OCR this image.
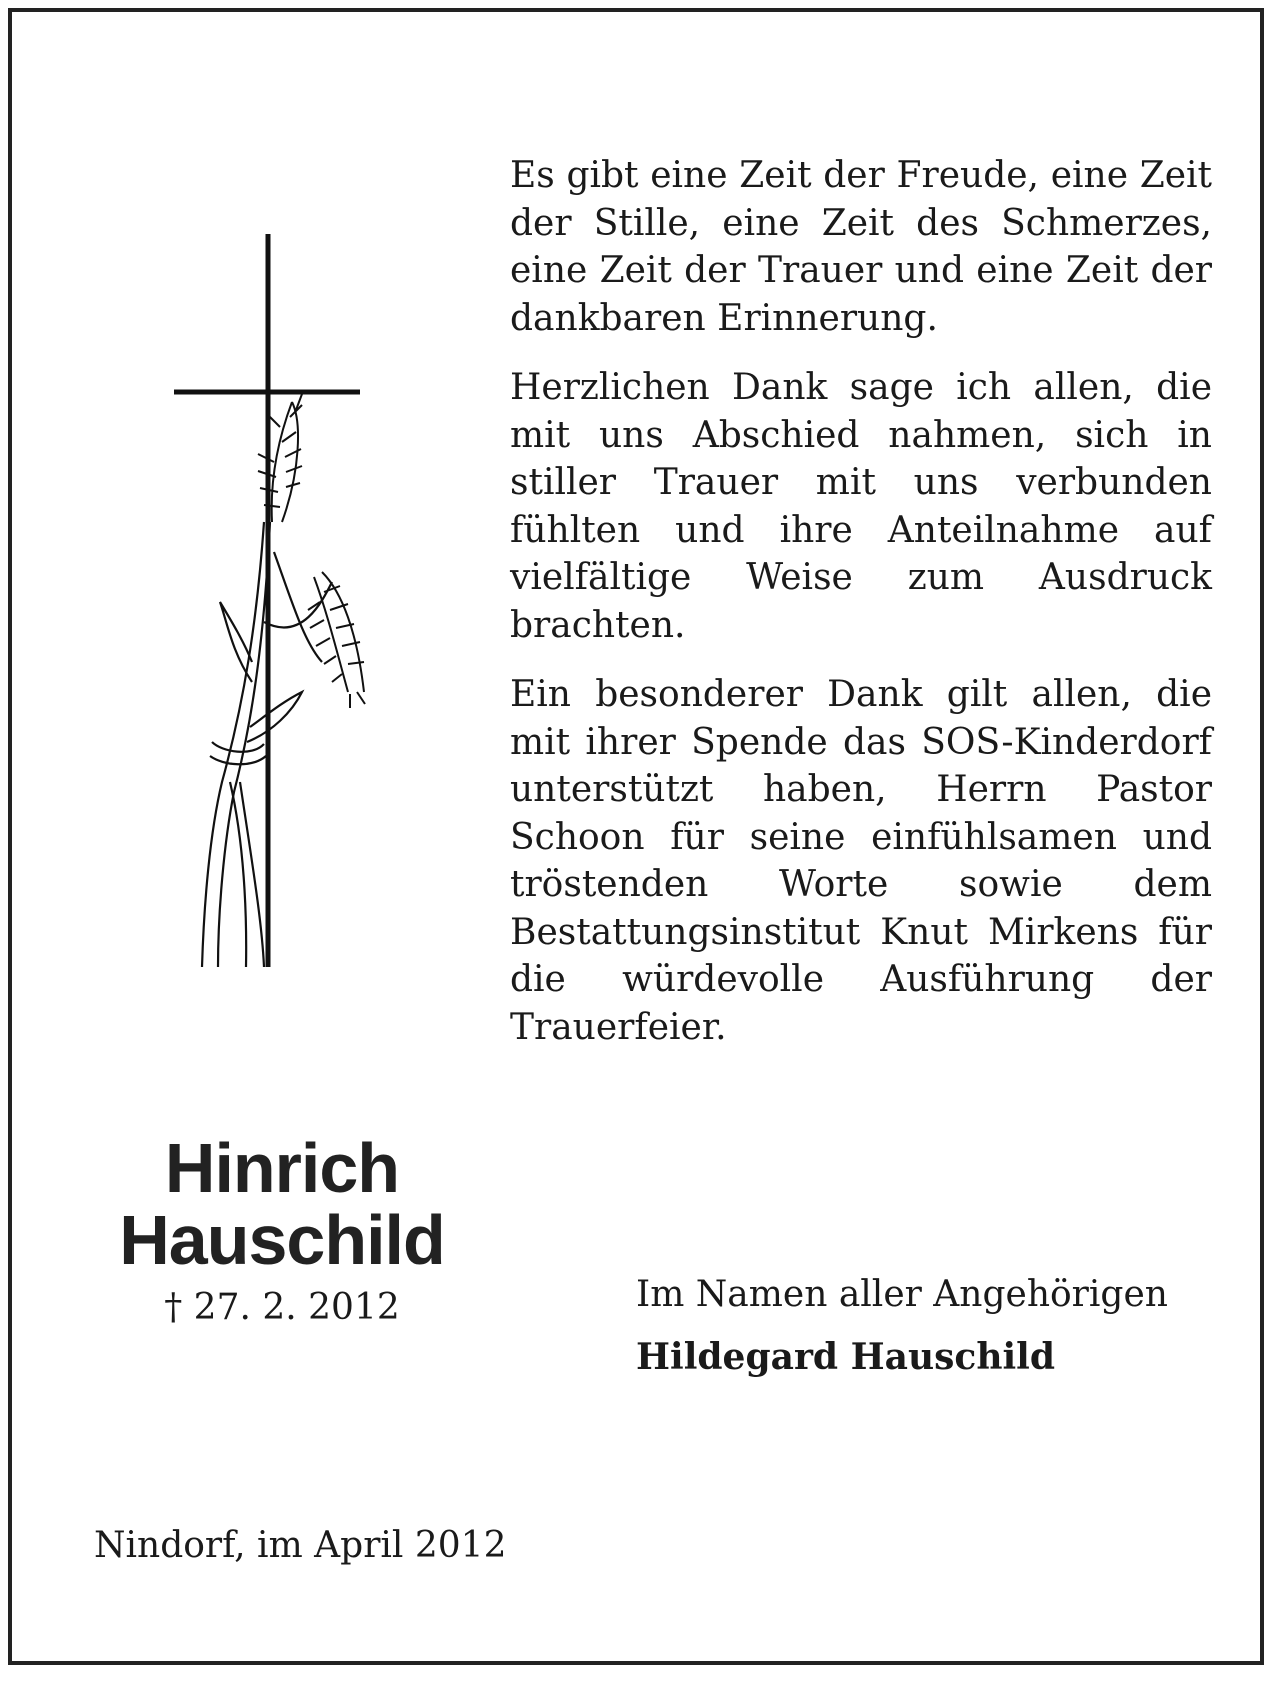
Es gibt eine Zeit der Freude, eine Zeit der Stille, eine Zeit des Schmerzes, eine Zeit der Trauer und eine Zeit der dankbaren Erinnerung.

Herzlichen Dank sage ich allen, die mit uns Abschied nahmen, sich in stiller Trauer mit uns verbunden fühlten und ihre Anteilnahme auf vielfältige Weise zum Ausdruck brachten.

Ein besonderer Dank gilt allen, die mit ihrer Spende das SOS-Kinderdorf unterstützt haben, Herrn Pastor Schoon für seine einfühlsamen und tröstenden Worte sowie dem Bestattungsinstitut Knut Mirkens für die würdevolle Ausführung der Trauerfeier.

Hinrich
Hauschild
† 27. 2. 2012	Im Namen aller Angehörigen
Hildegard Hauschild
Nindorf, im April 2012
